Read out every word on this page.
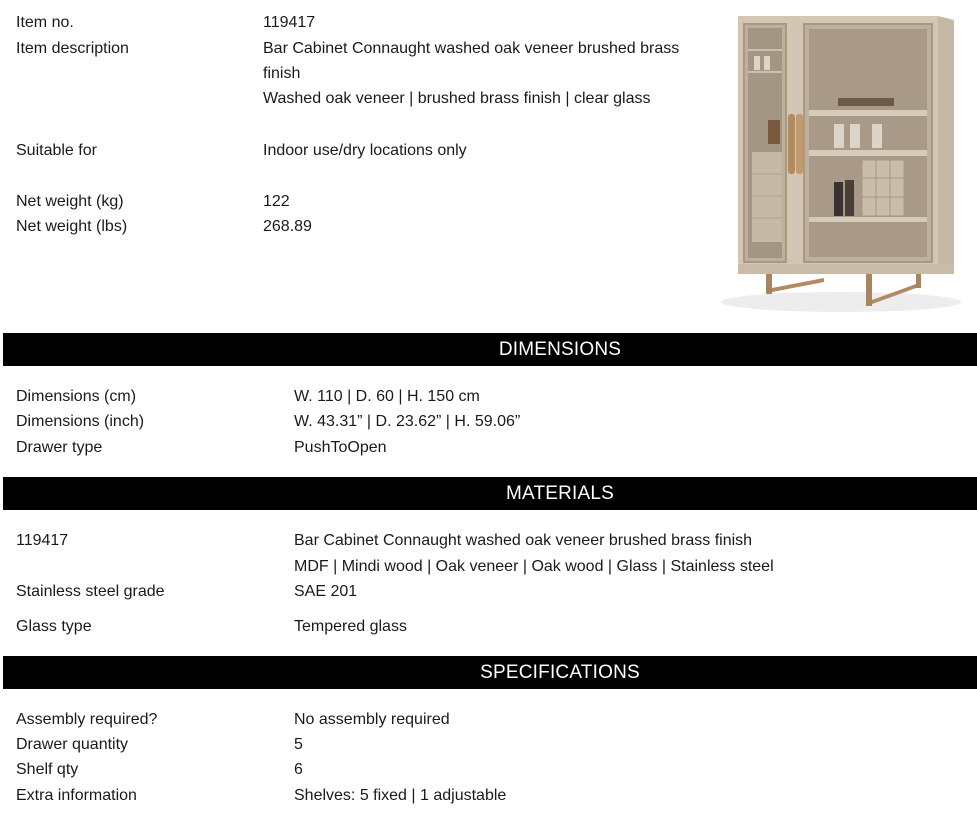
Item no.	119417
Item description	Bar Cabinet Connaught washed oak veneer brushed brass
finish
Washed oak veneer | brushed brass finish | clear glass
Suitable for	Indoor use/dry locations only
Net weight (kg)	122
Net weight (lbs)	268.89
DIMENSIONS
Dimensions (cm)	W. 110 | D. 60 | H. 150 cm
Dimensions (inch)	W. 43.31” | D. 23.62” | H. 59.06”
Drawer type	PushToOpen
MATERIALS
119417	Bar Cabinet Connaught washed oak veneer brushed brass finish
MDF | Mindi wood | Oak veneer | Oak wood | Glass | Stainless steel
Stainless steel grade	SAE 201
Glass type	Tempered glass
SPECIFICATIONS
Assembly required?	No assembly required
Drawer quantity	5
Shelf qty	6
Extra information	Shelves: 5 fixed | 1 adjustable
